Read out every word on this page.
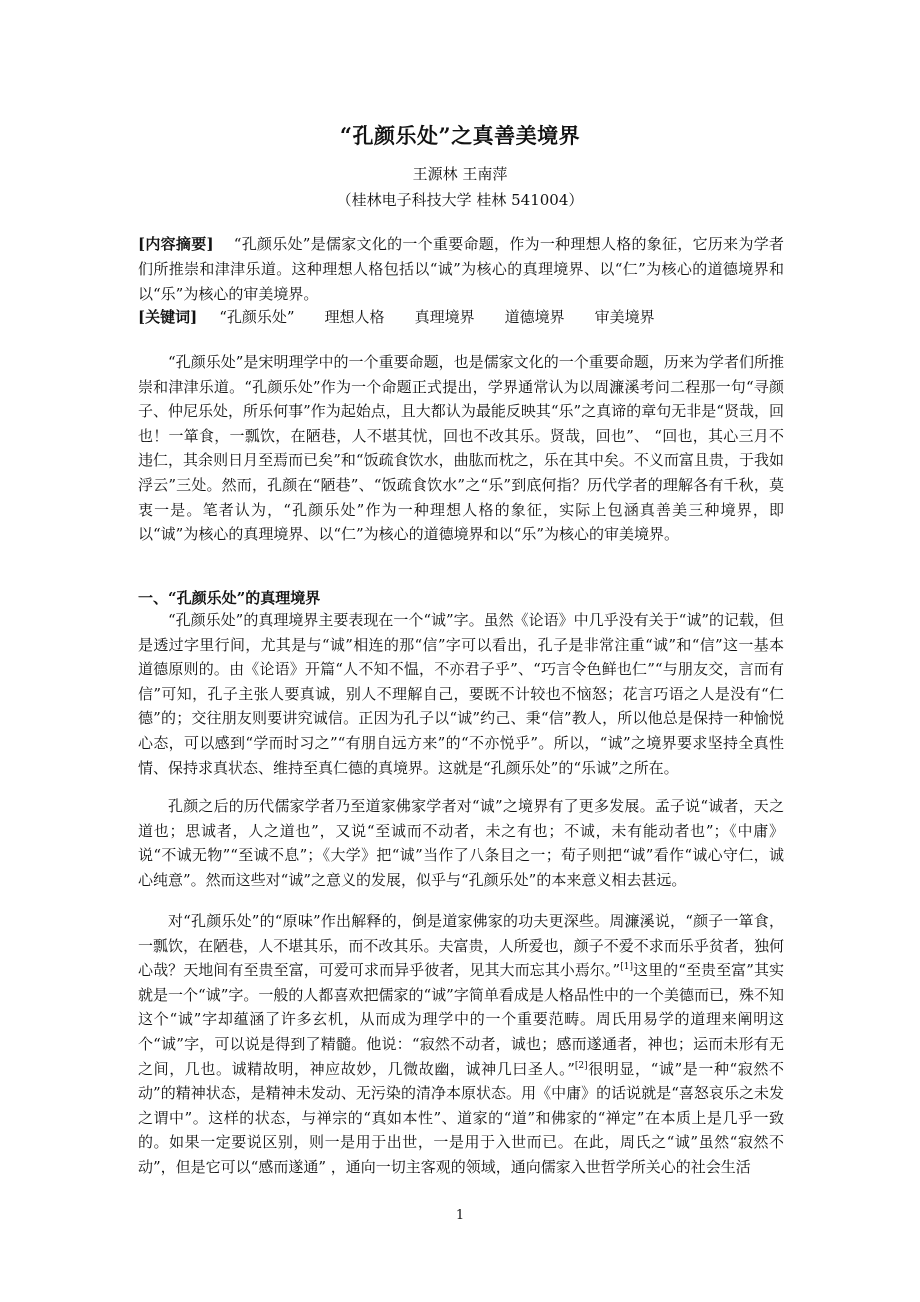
“孔颜乐处”之真善美境界
王源林 王南萍
（桂林电子科技大学 桂林 541004）

[内容摘要] “孔颜乐处”是儒家文化的一个重要命题，作为一种理想人格的象征，它历来为学者们所推崇和津津乐道。这种理想人格包括以“诚”为核心的真理境界、以“仁”为核心的道德境界和以“乐”为核心的审美境界。

[关键词] “孔颜乐处” 理想人格 真理境界 道德境界 审美境界

“孔颜乐处”是宋明理学中的一个重要命题，也是儒家文化的一个重要命题，历来为学者们所推崇和津津乐道。“孔颜乐处”作为一个命题正式提出，学界通常认为以周濂溪考问二程那一句“寻颜子、仲尼乐处，所乐何事”作为起始点，且大都认为最能反映其“乐”之真谛的章句无非是“贤哉，回也！一箪食，一瓢饮，在陋巷，人不堪其忧，回也不改其乐。贤哉，回也”、 “回也，其心三月不违仁，其余则日月至焉而已矣”和“饭疏食饮水，曲肱而枕之，乐在其中矣。不义而富且贵，于我如浮云”三处。然而，孔颜在“陋巷”、“饭疏食饮水”之“乐”到底何指？历代学者的理解各有千秋，莫衷一是。笔者认为，“孔颜乐处”作为一种理想人格的象征，实际上包涵真善美三种境界，即以“诚”为核心的真理境界、以“仁”为核心的道德境界和以“乐”为核心的审美境界。

一、“孔颜乐处”的真理境界

“孔颜乐处”的真理境界主要表现在一个“诚”字。虽然《论语》中几乎没有关于“诚”的记载，但是透过字里行间，尤其是与“诚”相连的那“信”字可以看出，孔子是非常注重“诚”和“信”这一基本道德原则的。由《论语》开篇“人不知不愠，不亦君子乎”、“巧言令色鲜也仁”“与朋友交，言而有信”可知，孔子主张人要真诚，别人不理解自己，要既不计较也不恼怒；花言巧语之人是没有“仁德”的；交往朋友则要讲究诚信。正因为孔子以“诚”约己、秉“信”教人，所以他总是保持一种愉悦心态，可以感到“学而时习之”“有朋自远方来”的“不亦悦乎”。所以，“诚”之境界要求坚持全真性情、保持求真状态、维持至真仁德的真境界。这就是“孔颜乐处”的“乐诚”之所在。

孔颜之后的历代儒家学者乃至道家佛家学者对“诚”之境界有了更多发展。孟子说“诚者，天之道也；思诚者，人之道也”，又说“至诚而不动者，未之有也；不诚，未有能动者也”；《中庸》说“不诚无物”“至诚不息”；《大学》把“诚”当作了八条目之一；荀子则把“诚”看作“诚心守仁，诚心纯意”。然而这些对“诚”之意义的发展，似乎与“孔颜乐处”的本来意义相去甚远。

对“孔颜乐处”的“原味”作出解释的，倒是道家佛家的功夫更深些。周濂溪说，“颜子一箪食，一瓢饮，在陋巷，人不堪其乐，而不改其乐。夫富贵，人所爱也，颜子不爱不求而乐乎贫者，独何心哉？天地间有至贵至富，可爱可求而异乎彼者，见其大而忘其小焉尔。”[1]这里的“至贵至富”其实就是一个“诚”字。一般的人都喜欢把儒家的“诚”字简单看成是人格品性中的一个美德而已，殊不知这个“诚”字却蕴涵了许多玄机，从而成为理学中的一个重要范畴。周氏用易学的道理来阐明这个“诚”字，可以说是得到了精髓。他说：“寂然不动者，诚也；感而遂通者，神也；运而未形有无之间，几也。诚精故明，神应故妙，几微故幽，诚神几曰圣人。”[2]很明显，“诚”是一种“寂然不动”的精神状态，是精神未发动、无污染的清净本原状态。用《中庸》的话说就是“喜怒哀乐之未发之谓中”。这样的状态，与禅宗的“真如本性”、道家的“道”和佛家的“禅定”在本质上是几乎一致的。如果一定要说区别，则一是用于出世，一是用于入世而已。在此，周氏之“诚”虽然“寂然不动”，但是它可以“感而遂通” ，通向一切主客观的领域，通向儒家入世哲学所关心的社会生活

1
